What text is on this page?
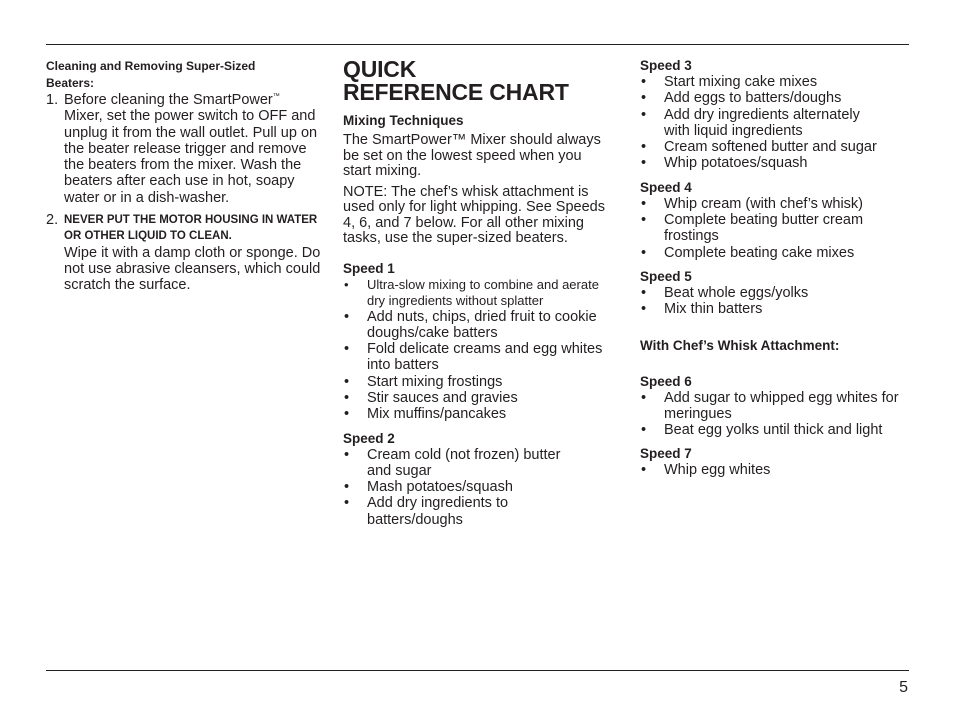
Cleaning and Removing Super-Sized
Beaters:
1. Before cleaning the SmartPower™ Mixer, set the power switch to OFF and unplug it from the wall outlet. Pull up on the beater release trigger and remove the beaters from the mixer. Wash the beaters after each use in hot, soapy water or in a dish-washer.
2. NEVER PUT THE MOTOR HOUSING IN WATER OR OTHER LIQUID TO CLEAN.
Wipe it with a damp cloth or sponge. Do not use abrasive cleansers, which could scratch the surface.
QUICK
REFERENCE CHART
Mixing Techniques

The SmartPower™ Mixer should always be set on the lowest speed when you start mixing.

NOTE: The chef’s whisk attachment is used only for light whipping. See Speeds 4, 6, and 7 below. For all other mixing tasks, use the super-sized beaters.

Speed 1
• Ultra-slow mixing to combine and aerate dry ingredients without splatter
• Add nuts, chips, dried fruit to cookie doughs/cake batters
• Fold delicate creams and egg whites into batters
• Start mixing frostings
• Stir sauces and gravies
• Mix muffins/pancakes
Speed 2
• Cream cold (not frozen) butter and sugar
• Mash potatoes/squash
• Add dry ingredients to batters/doughs
Speed 3
• Start mixing cake mixes
• Add eggs to batters/doughs
• Add dry ingredients alternately with liquid ingredients
• Cream softened butter and sugar
• Whip potatoes/squash
Speed 4
• Whip cream (with chef’s whisk)
• Complete beating butter cream frostings
• Complete beating cake mixes
Speed 5
• Beat whole eggs/yolks
• Mix thin batters
With Chef’s Whisk Attachment:
Speed 6
• Add sugar to whipped egg whites for meringues
• Beat egg yolks until thick and light
Speed 7
• Whip egg whites
5
